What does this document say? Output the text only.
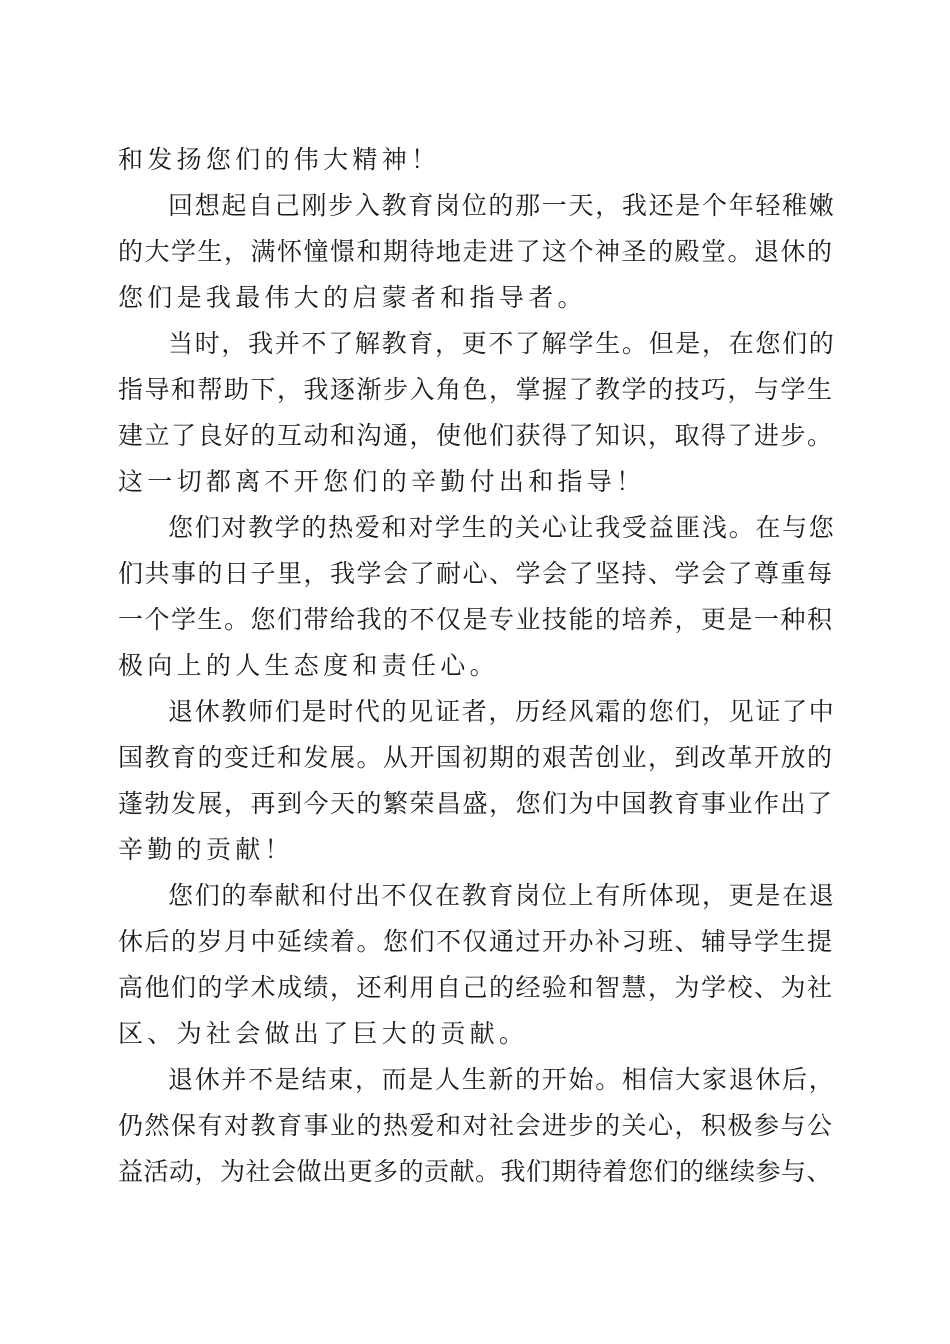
和发扬您们的伟大精神！
回想起自己刚步入教育岗位的那一天，我还是个年轻稚嫩
的大学生，满怀憧憬和期待地走进了这个神圣的殿堂。退休的
您们是我最伟大的启蒙者和指导者。
当时，我并不了解教育，更不了解学生。但是，在您们的
指导和帮助下，我逐渐步入角色，掌握了教学的技巧，与学生
建立了良好的互动和沟通，使他们获得了知识，取得了进步。
这一切都离不开您们的辛勤付出和指导！
您们对教学的热爱和对学生的关心让我受益匪浅。在与您
们共事的日子里，我学会了耐心、学会了坚持、学会了尊重每
一个学生。您们带给我的不仅是专业技能的培养，更是一种积
极向上的人生态度和责任心。
退休教师们是时代的见证者，历经风霜的您们，见证了中
国教育的变迁和发展。从开国初期的艰苦创业，到改革开放的
蓬勃发展，再到今天的繁荣昌盛，您们为中国教育事业作出了
辛勤的贡献！
您们的奉献和付出不仅在教育岗位上有所体现，更是在退
休后的岁月中延续着。您们不仅通过开办补习班、辅导学生提
高他们的学术成绩，还利用自己的经验和智慧，为学校、为社
区、为社会做出了巨大的贡献。
退休并不是结束，而是人生新的开始。相信大家退休后，
仍然保有对教育事业的热爱和对社会进步的关心，积极参与公
益活动，为社会做出更多的贡献。我们期待着您们的继续参与、
